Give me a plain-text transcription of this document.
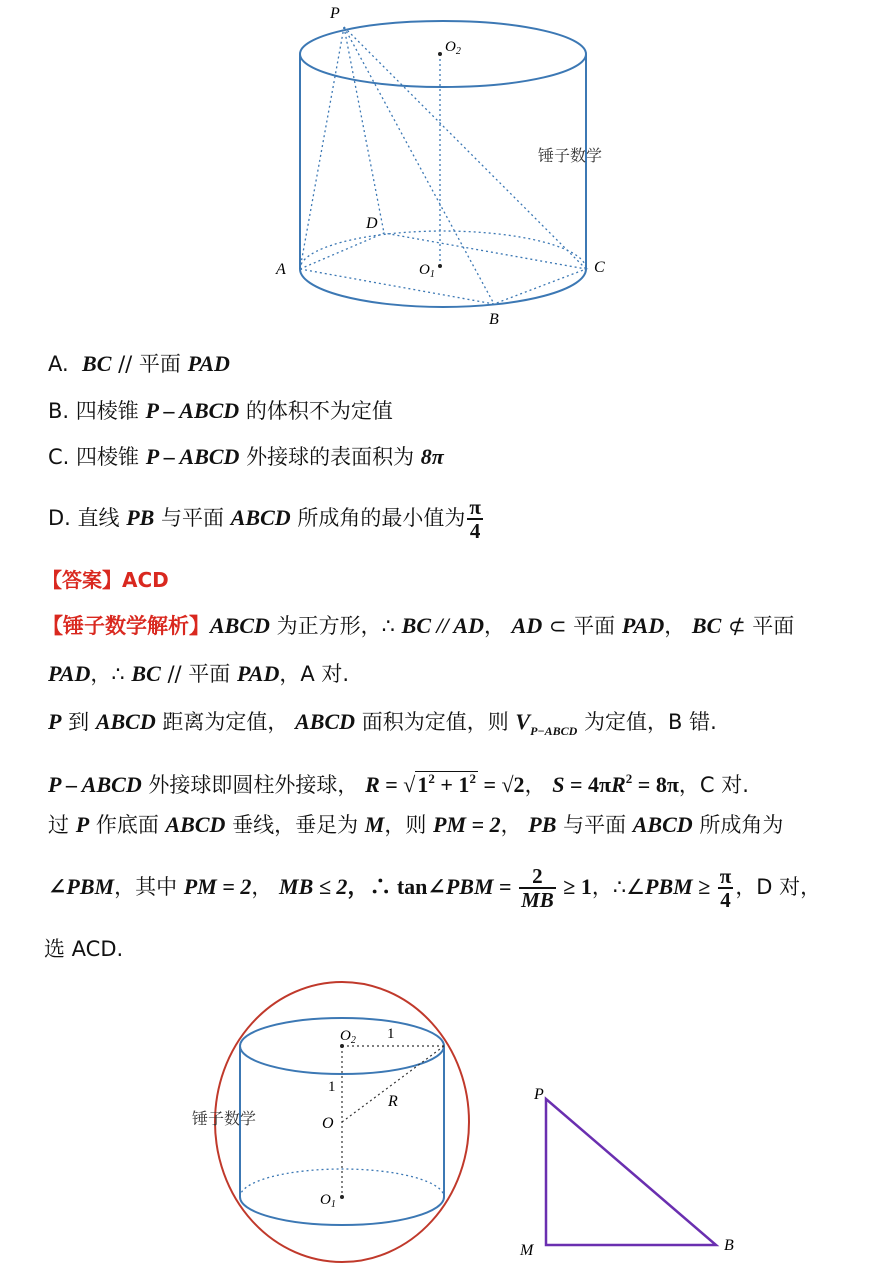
P
$O_2$
D
A	$O_1$	C
B
锤子数学
A. BC // 平面 PAD
B. 四棱锥 P – ABCD 的体积不为定值
C. 四棱锥 P – ABCD 外接球的表面积为 8π
D. 直线 PB 与平面 ABCD 所成角的最小值为 $\frac{\pi}{4}$
【答案】ACD
【锤子数学解析】ABCD 为正方形，∴ BC // AD， AD ⊂ 平面 PAD， BC ⊄ 平面
PAD，∴ BC // 平面 PAD，A 对.
P 到 ABCD 距离为定值， ABCD 面积为定值，则 $V_{P-ABCD}$ 为定值，B 错.
P – ABCD 外接球即圆柱外接球， $R = √1^2 + 1^2 = √2$， $S = 4\pi R^2 = 8\pi$，C 对.
过 P 作底面 ABCD 垂线，垂足为 M，则 PM = 2， PB 与平面 ABCD 所成角为
∠PBM，其中 PM = 2， MB ≤ 2，∴ tan∠PBM = $\frac{2}{MB} \ge 1$，∴∠PBM ≥ $\frac{\pi}{4}$ ，D 对，
选 ACD.
$O_2$ 1
1
R
O
$O_1$
锤子数学
P
M	B
